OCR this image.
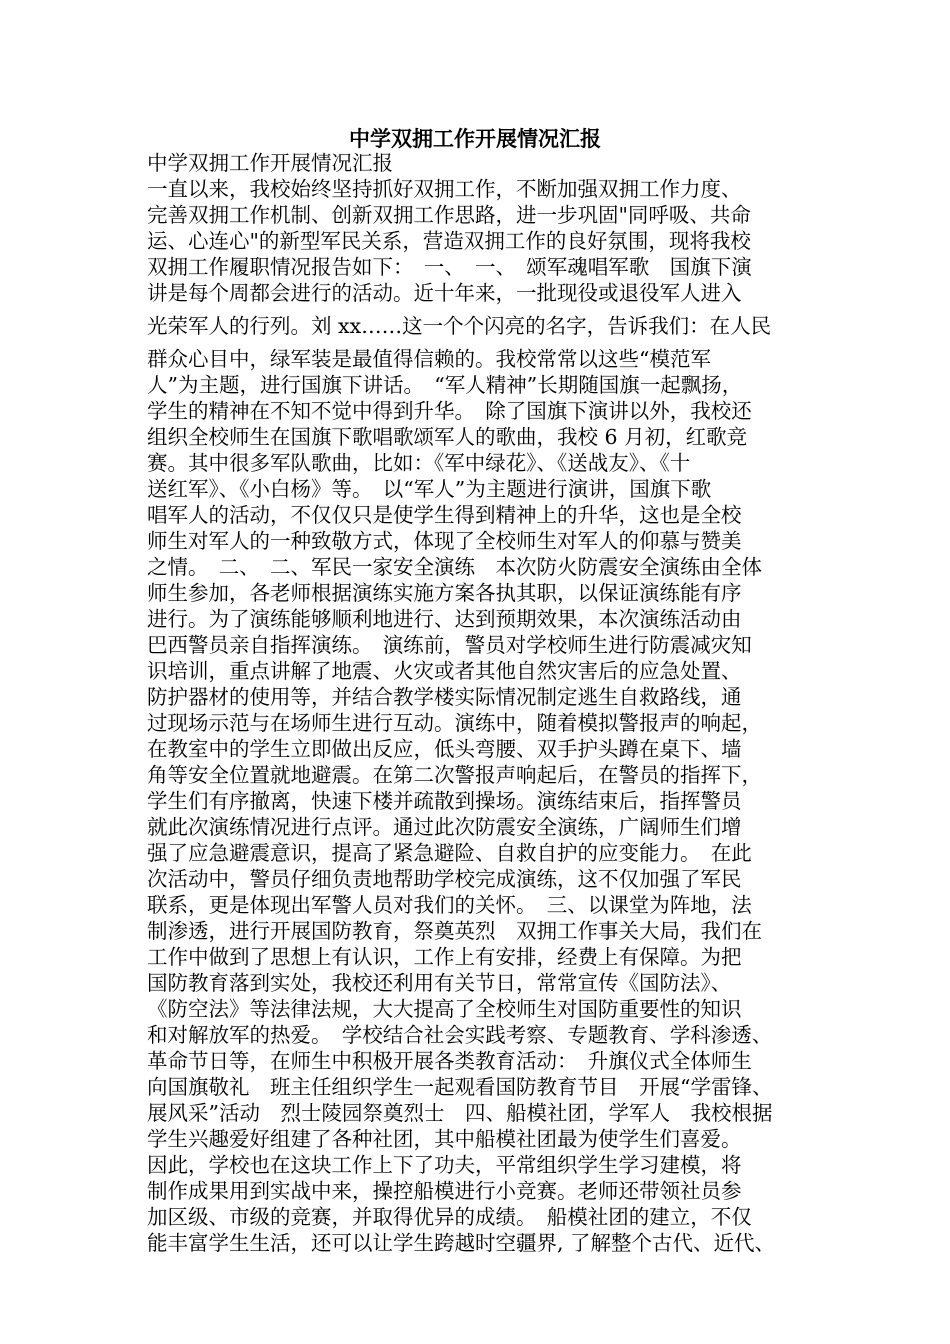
中学双拥工作开展情况汇报
中学双拥工作开展情况汇报
一直以来，我校始终坚持抓好双拥工作，不断加强双拥工作力度、
完善双拥工作机制、创新双拥工作思路，进一步巩固"同呼吸、共命
运、心连心"的新型军民关系，营造双拥工作的良好氛围，现将我校
双拥工作履职情况报告如下：　一、　一、　颂军魂唱军歌　国旗下演
讲是每个周都会进行的活动。近十年来，一批现役或退役军人进入
光荣军人的行列。刘 xx……这一个个闪亮的名字，告诉我们：在人民
群众心目中，绿军装是最值得信赖的。我校常常以这些“模范军
人”为主题，进行国旗下讲话。　“军人精神”长期随国旗一起飘扬，
学生的精神在不知不觉中得到升华。　除了国旗下演讲以外，我校还
组织全校师生在国旗下歌唱歌颂军人的歌曲，我校 6 月初，红歌竞
赛。其中很多军队歌曲，比如：《军中绿花》、《送战友》、《十
送红军》、《小白杨》等。　以“军人”为主题进行演讲，国旗下歌
唱军人的活动，不仅仅只是使学生得到精神上的升华，这也是全校
师生对军人的一种致敬方式，体现了全校师生对军人的仰慕与赞美
之情。　二、　二、军民一家安全演练　本次防火防震安全演练由全体
师生参加，各老师根据演练实施方案各执其职，以保证演练能有序
进行。为了演练能够顺利地进行、达到预期效果，本次演练活动由
巴西警员亲自指挥演练。　演练前，警员对学校师生进行防震减灾知
识培训，重点讲解了地震、火灾或者其他自然灾害后的应急处置、
防护器材的使用等，并结合教学楼实际情况制定逃生自救路线，通
过现场示范与在场师生进行互动。演练中，随着模拟警报声的响起，
在教室中的学生立即做出反应，低头弯腰、双手护头蹲在桌下、墙
角等安全位置就地避震。在第二次警报声响起后，在警员的指挥下，
学生们有序撤离，快速下楼并疏散到操场。演练结束后，指挥警员
就此次演练情况进行点评。通过此次防震安全演练，广阔师生们增
强了应急避震意识，提高了紧急避险、自救自护的应变能力。　在此
次活动中，警员仔细负责地帮助学校完成演练，这不仅加强了军民
联系，更是体现出军警人员对我们的关怀。　三、以课堂为阵地，法
制渗透，进行开展国防教育，祭奠英烈　双拥工作事关大局，我们在
工作中做到了思想上有认识，工作上有安排，经费上有保障。为把
国防教育落到实处，我校还利用有关节日，常常宣传《国防法》、
《防空法》等法律法规，大大提高了全校师生对国防重要性的知识
和对解放军的热爱。　学校结合社会实践考察、专题教育、学科渗透、
革命节日等，在师生中积极开展各类教育活动：　升旗仪式全体师生
向国旗敬礼　班主任组织学生一起观看国防教育节目　开展“学雷锋、
展风采”活动　烈士陵园祭奠烈士　四、船模社团，学军人　我校根据
学生兴趣爱好组建了各种社团，其中船模社团最为使学生们喜爱。
因此，学校也在这块工作上下了功夫，平常组织学生学习建模，将
制作成果用到实战中来，操控船模进行小竞赛。老师还带领社员参
加区级、市级的竞赛，并取得优异的成绩。　船模社团的建立，不仅
能丰富学生生活，还可以让学生跨越时空疆界, 了解整个古代、近代、
